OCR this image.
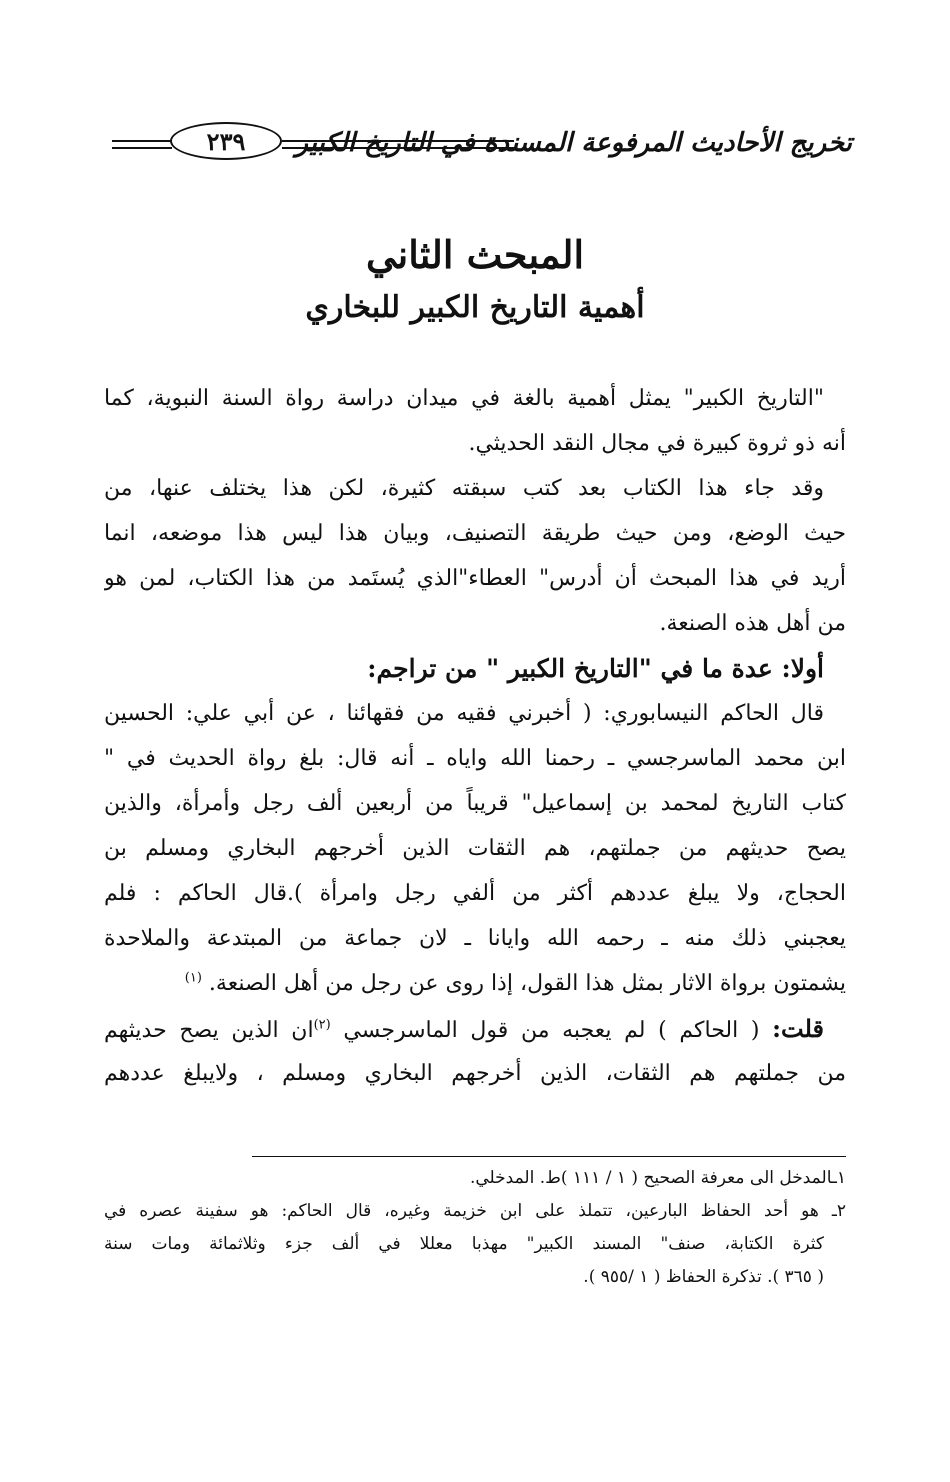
٢٣٩	تخريج الأحاديث المرفوعة المسندة في التاريخ الكبير
المبحث الثاني
أهمية التاريخ الكبير للبخاري

"التاريخ الكبير" يمثل أهمية بالغة في ميدان دراسة رواة السنة النبوية، كما
أنه ذو ثروة كبيرة في مجال النقد الحديثي.

وقد جاء هذا الكتاب بعد كتب سبقته كثيرة، لكن هذا يختلف عنها، من
حيث الوضع، ومن حيث طريقة التصنيف، وبيان هذا ليس هذا موضعه، انما
أريد في هذا المبحث أن أدرس" العطاء"الذي يُستَمد من هذا الكتاب، لمن هو
من أهل هذه الصنعة.

أولا: عدة ما في "التاريخ الكبير " من تراجم:

قال الحاكم النيسابوري: ( أخبرني فقيه من فقهائنا ، عن أبي علي: الحسين
ابن محمد الماسرجسي ـ رحمنا الله واياه ـ أنه قال: بلغ رواة الحديث في "
كتاب التاريخ لمحمد بن إسماعيل" قريباً من أربعين ألف رجل وأمرأة، والذين
يصح حديثهم من جملتهم، هم الثقات الذين أخرجهم البخاري ومسلم بن
الحجاج، ولا يبلغ عددهم أكثر من ألفي رجل وامرأة ).قال الحاكم : فلم
يعجبني ذلك منه ـ رحمه الله وايانا ـ لان جماعة من المبتدعة والملاحدة
يشمتون برواة الاثار بمثل هذا القول، إذا روى عن رجل من أهل الصنعة. $^{(١)}$

قلت: ( الحاكم ) لم يعجبه من قول الماسرجسي $^{(٢)}$ان الذين يصح حديثهم
من جملتهم هم الثقات، الذين أخرجهم البخاري ومسلم ، ولايبلغ عددهم

١ـالمدخل الى معرفة الصحيح ( ١ / ١١١ )ط. المدخلي.
٢ـ هو أحد الحفاظ البارعين، تتملذ على ابن خزيمة وغيره، قال الحاكم: هو سفينة عصره في
كثرة الكتابة، صنف" المسند الكبير" مهذبا معللا في ألف جزء وثلاثمائة ومات سنة
( ٣٦٥ ). تذكرة الحفاظ ( ١ /٩٥٥ ).
